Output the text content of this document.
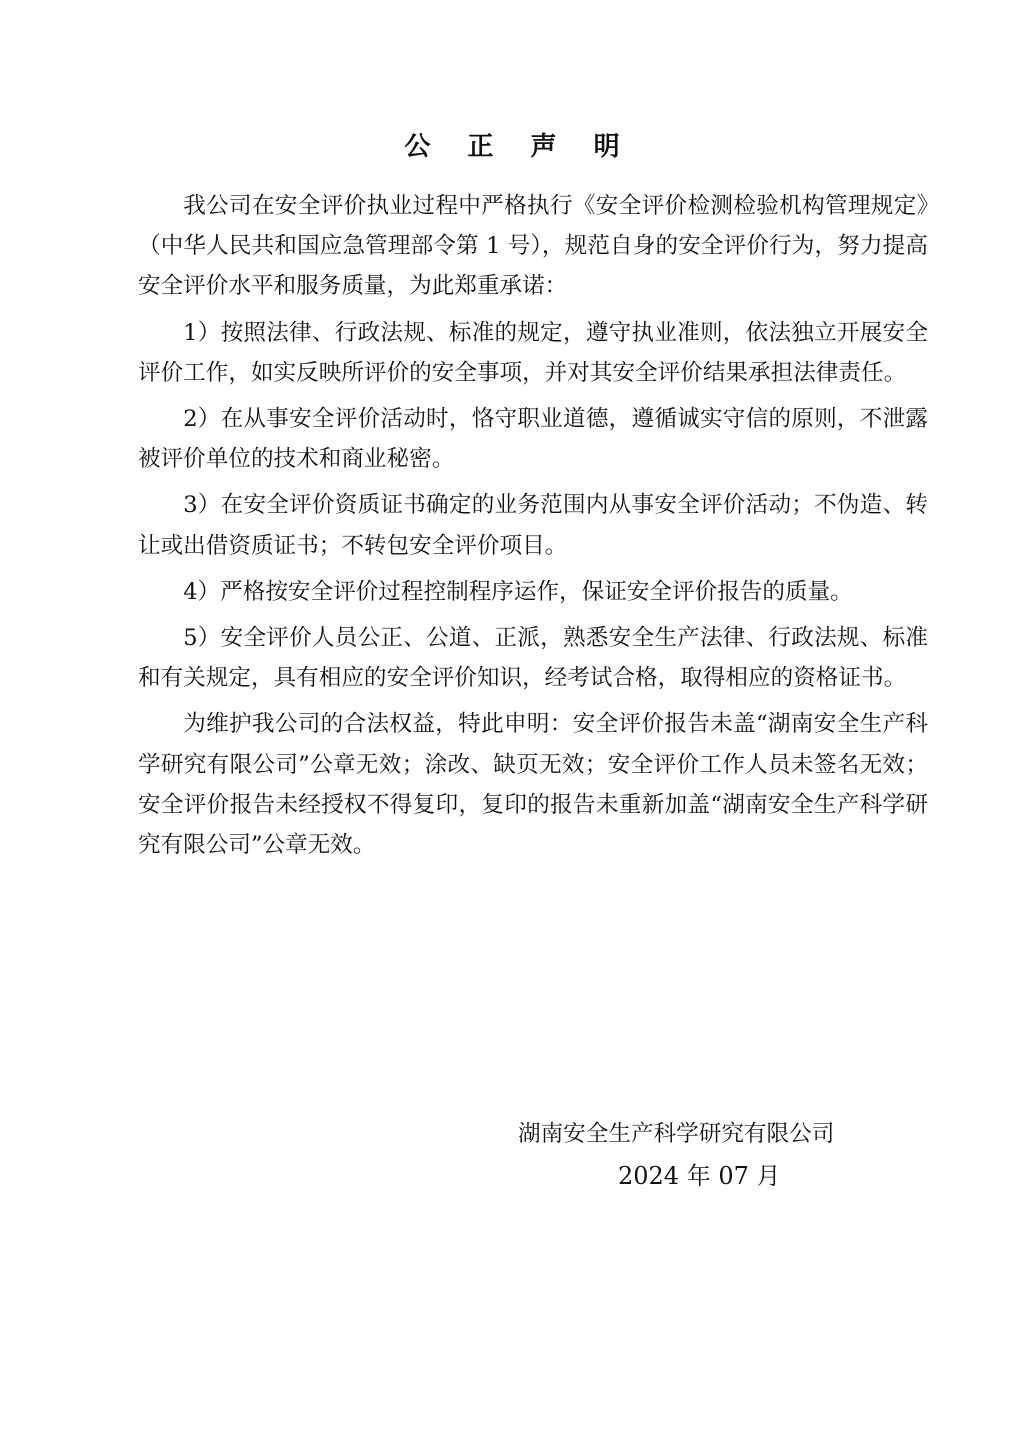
公 正 声 明

我公司在安全评价执业过程中严格执行《安全评价检测检验机构管理规定》（中华人民共和国应急管理部令第 1 号），规范自身的安全评价行为，努力提高安全评价水平和服务质量，为此郑重承诺：

1）按照法律、行政法规、标准的规定，遵守执业准则，依法独立开展安全评价工作，如实反映所评价的安全事项，并对其安全评价结果承担法律责任。

2）在从事安全评价活动时，恪守职业道德，遵循诚实守信的原则，不泄露被评价单位的技术和商业秘密。

3）在安全评价资质证书确定的业务范围内从事安全评价活动；不伪造、转让或出借资质证书；不转包安全评价项目。

4）严格按安全评价过程控制程序运作，保证安全评价报告的质量。

5）安全评价人员公正、公道、正派，熟悉安全生产法律、行政法规、标准和有关规定，具有相应的安全评价知识，经考试合格，取得相应的资格证书。

为维护我公司的合法权益，特此申明：安全评价报告未盖“湖南安全生产科学研究有限公司”公章无效；涂改、缺页无效；安全评价工作人员未签名无效；安全评价报告未经授权不得复印，复印的报告未重新加盖“湖南安全生产科学研究有限公司”公章无效。

湖南安全生产科学研究有限公司
2024 年 07 月
